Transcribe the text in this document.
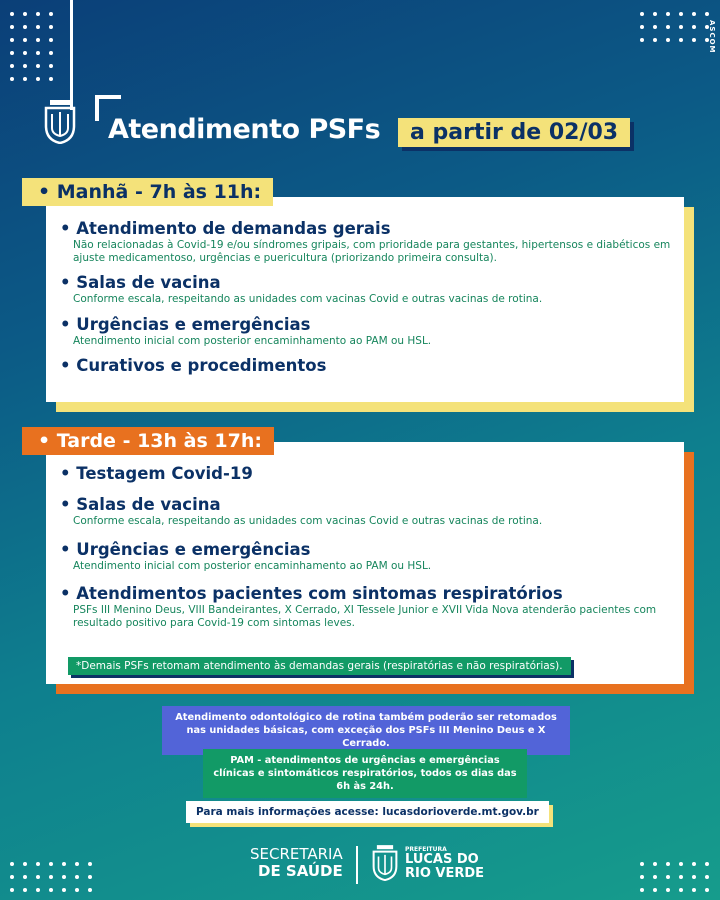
ASCOM
Atendimento PSFs	a partir de 02/03

• Atendimento de demandas gerais

Não relacionadas à Covid-19 e/ou síndromes gripais, com prioridade para gestantes, hipertensos e diabéticos em ajuste medicamentoso, urgências e puericultura (priorizando primeira consulta).

• Salas de vacina

Conforme escala, respeitando as unidades com vacinas Covid e outras vacinas de rotina.

• Urgências e emergências

Atendimento inicial com posterior encaminhamento ao PAM ou HSL.

• Curativos e procedimentos

• Manhã - 7h às 11h:

• Testagem Covid-19

• Salas de vacina

Conforme escala, respeitando as unidades com vacinas Covid e outras vacinas de rotina.

• Urgências e emergências

Atendimento inicial com posterior encaminhamento ao PAM ou HSL.

• Atendimentos pacientes com sintomas respiratórios

PSFs III Menino Deus, VIII Bandeirantes, X Cerrado, XI Tessele Junior e XVII Vida Nova atenderão pacientes com resultado positivo para Covid-19 com sintomas leves.

• Tarde - 13h às 17h:
*Demais PSFs retomam atendimento às demandas gerais (respiratórias e não respiratórias).
Atendimento odontológico de rotina também poderão ser retomados nas unidades básicas, com exceção dos PSFs III Menino Deus e X Cerrado.
PAM - atendimentos de urgências e emergências clínicas e sintomáticos respiratórios, todos os dias das 6h às 24h.
Para mais informações acesse: lucasdorioverde.mt.gov.br
SECRETARIA
DE SAÚDE
PREFEITURA
LUCAS DO
RIO VERDE
